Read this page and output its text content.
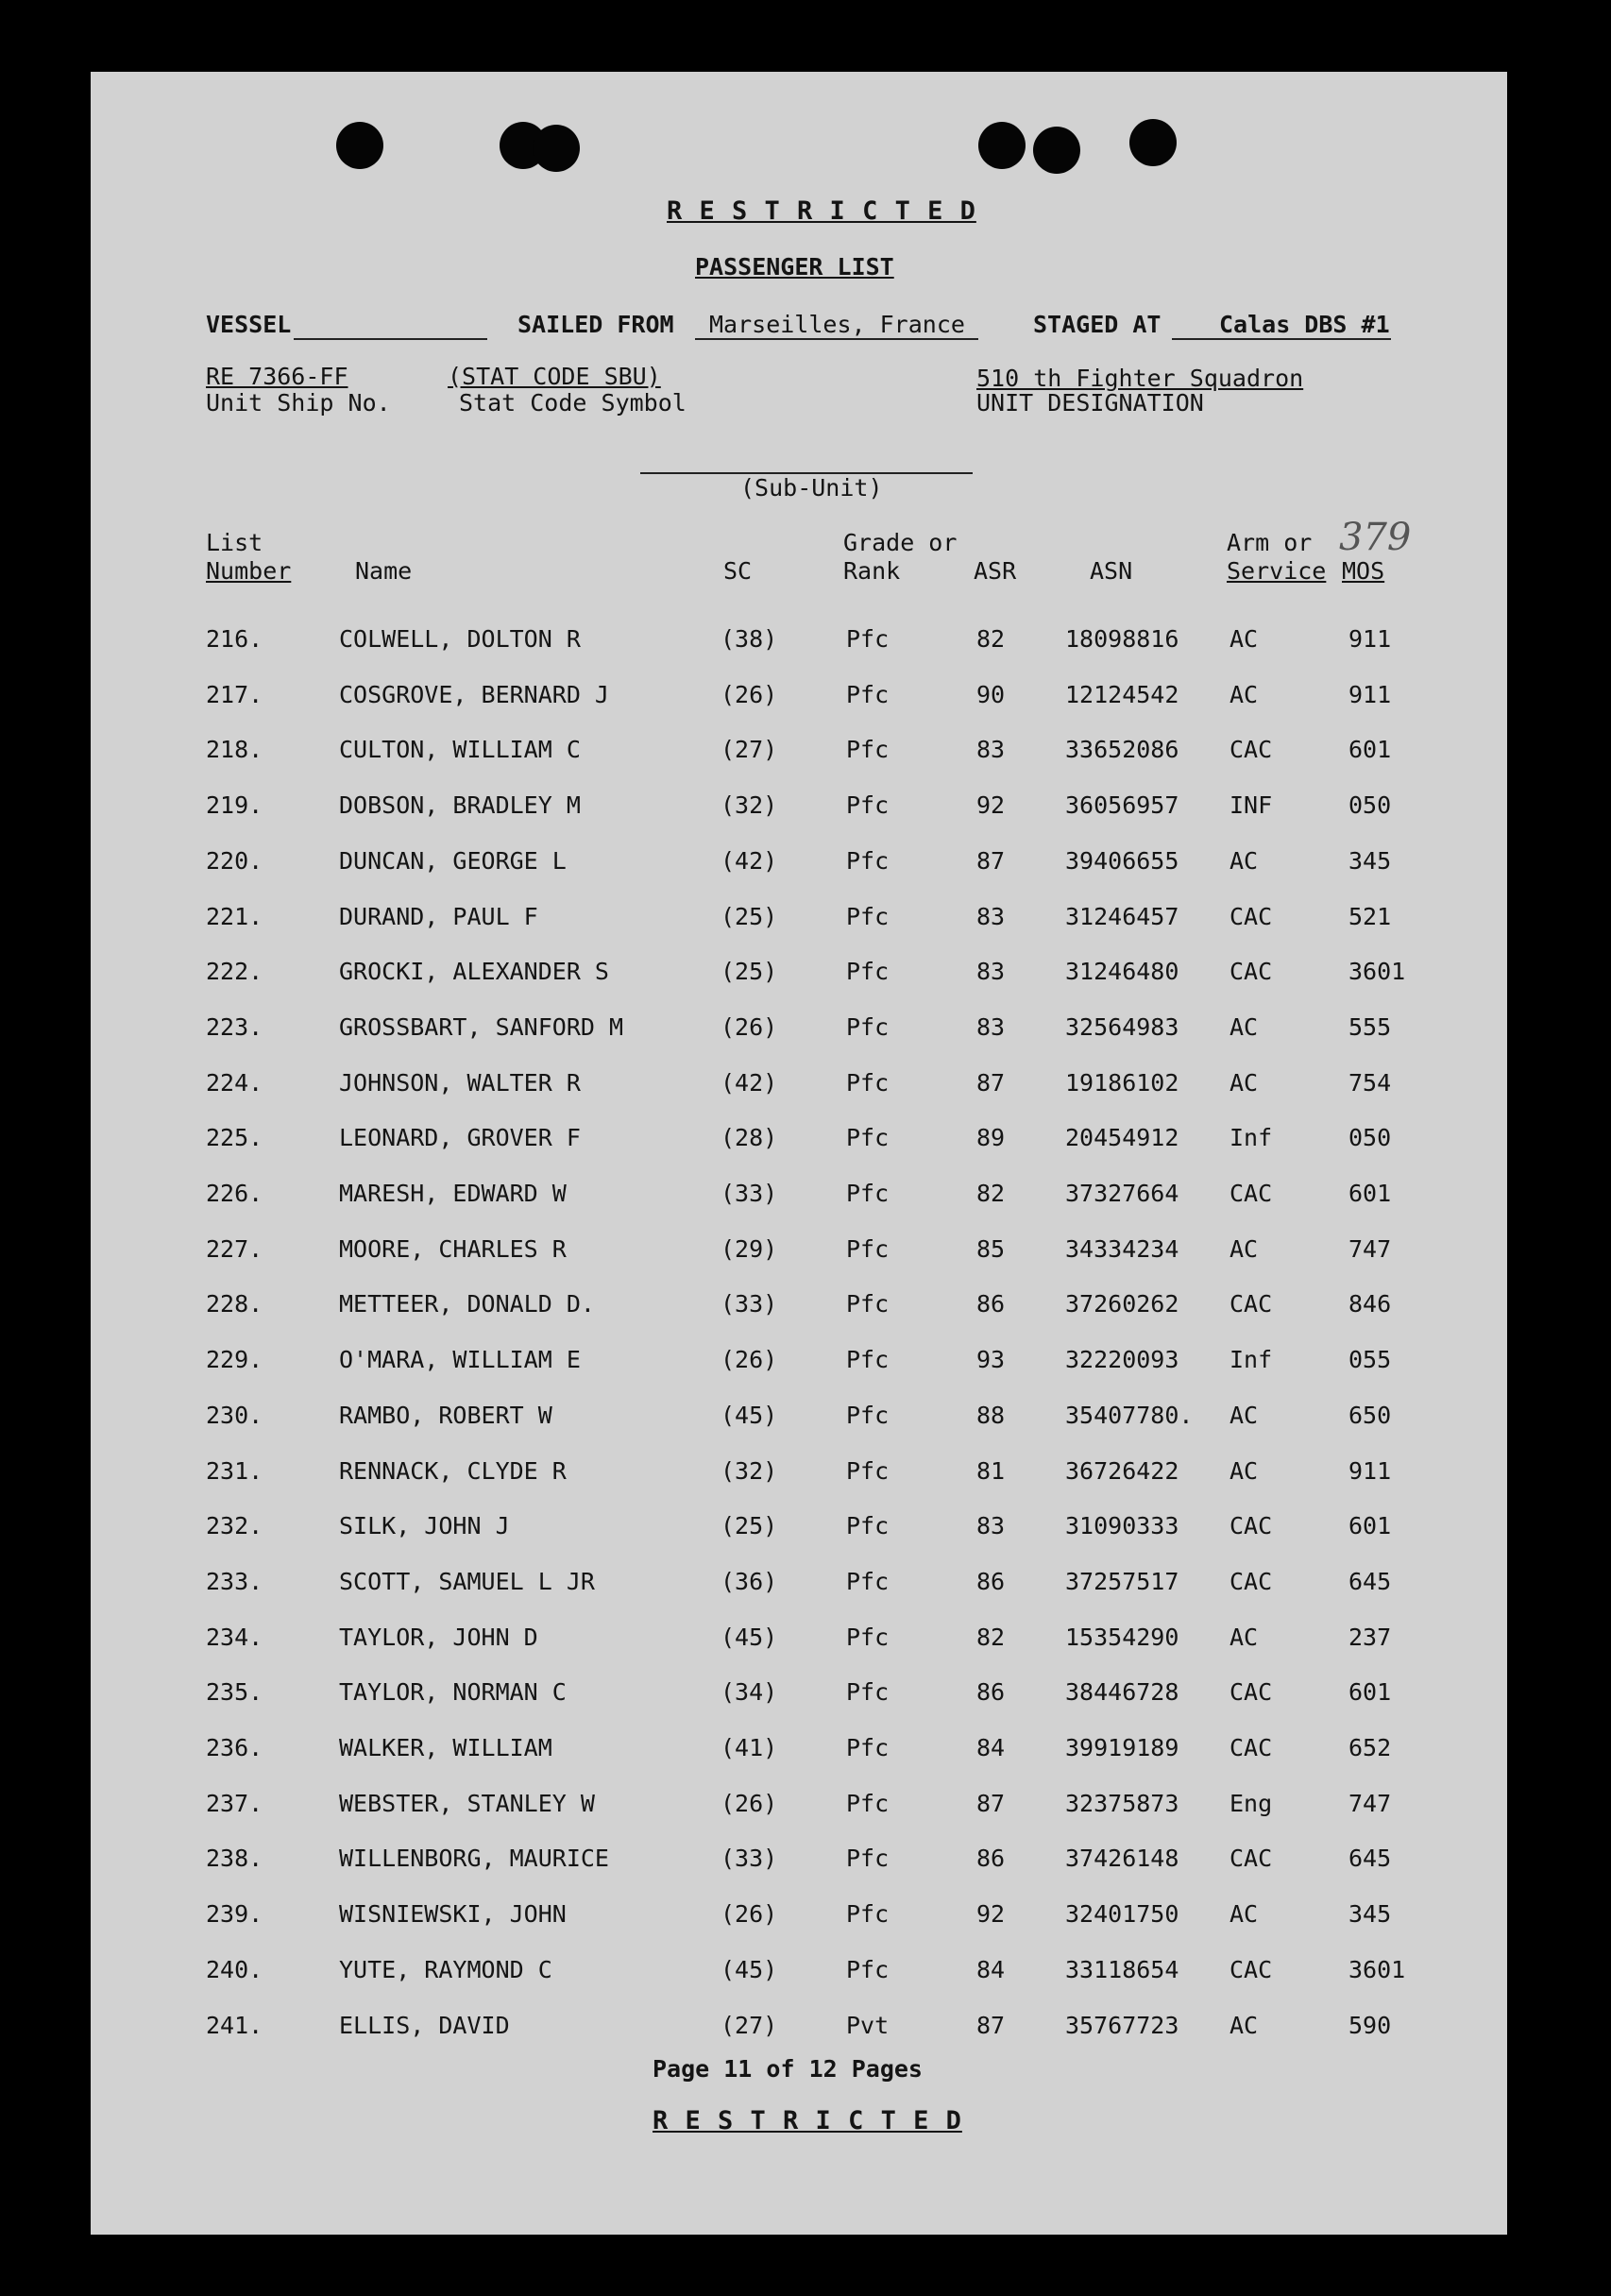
R E S T R I C T E D
PASSENGER LIST
VESSEL	SAILED FROM Marseilles, France	STAGED AT Calas DBS #1
RE 7366-FF
Unit Ship No.
(STAT CODE SBU)
Stat Code Symbol
510 th Fighter Squadron
UNIT DESIGNATION
(Sub-Unit)
List
Number	Name	SC
Grade or
Rank	ASR	ASN
Arm or
Service MOS
379
216.	COLWELL, DOLTON R	(38)	Pfc	82	18098816 AC	911
217.	COSGROVE, BERNARD J	(26)	Pfc	90	12124542 AC	911
218.	CULTON, WILLIAM C	(27)	Pfc	83	33652086 CAC	601
219.	DOBSON, BRADLEY M	(32)	Pfc	92	36056957 INF	050
220.	DUNCAN, GEORGE L	(42)	Pfc	87	39406655 AC	345
221.	DURAND, PAUL F	(25)	Pfc	83	31246457 CAC	521
222.	GROCKI, ALEXANDER S	(25)	Pfc	83	31246480 CAC	3601
223.	GROSSBART, SANFORD M	(26)	Pfc	83	32564983 AC	555
224.	JOHNSON, WALTER R	(42)	Pfc	87	19186102 AC	754
225.	LEONARD, GROVER F	(28)	Pfc	89	20454912 Inf	050
226.	MARESH, EDWARD W	(33)	Pfc	82	37327664 CAC	601
227.	MOORE, CHARLES R	(29)	Pfc	85	34334234 AC	747
228.	METTEER, DONALD D.	(33)	Pfc	86	37260262 CAC	846
229.	O'MARA, WILLIAM E	(26)	Pfc	93	32220093 Inf	055
230.	RAMBO, ROBERT W	(45)	Pfc	88	35407780. AC	650
231.	RENNACK, CLYDE R	(32)	Pfc	81	36726422 AC	911
232.	SILK, JOHN J	(25)	Pfc	83	31090333 CAC	601
233.	SCOTT, SAMUEL L JR	(36)	Pfc	86	37257517 CAC	645
234.	TAYLOR, JOHN D	(45)	Pfc	82	15354290 AC	237
235.	TAYLOR, NORMAN C	(34)	Pfc	86	38446728 CAC	601
236.	WALKER, WILLIAM	(41)	Pfc	84	39919189 CAC	652
237.	WEBSTER, STANLEY W	(26)	Pfc	87	32375873 Eng	747
238.	WILLENBORG, MAURICE	(33)	Pfc	86	37426148 CAC	645
239.	WISNIEWSKI, JOHN	(26)	Pfc	92	32401750 AC	345
240.	YUTE, RAYMOND C	(45)	Pfc	84	33118654 CAC	3601
241.	ELLIS, DAVID	(27)	Pvt	87	35767723 AC	590
Page 11 of 12 Pages
R E S T R I C T E D
